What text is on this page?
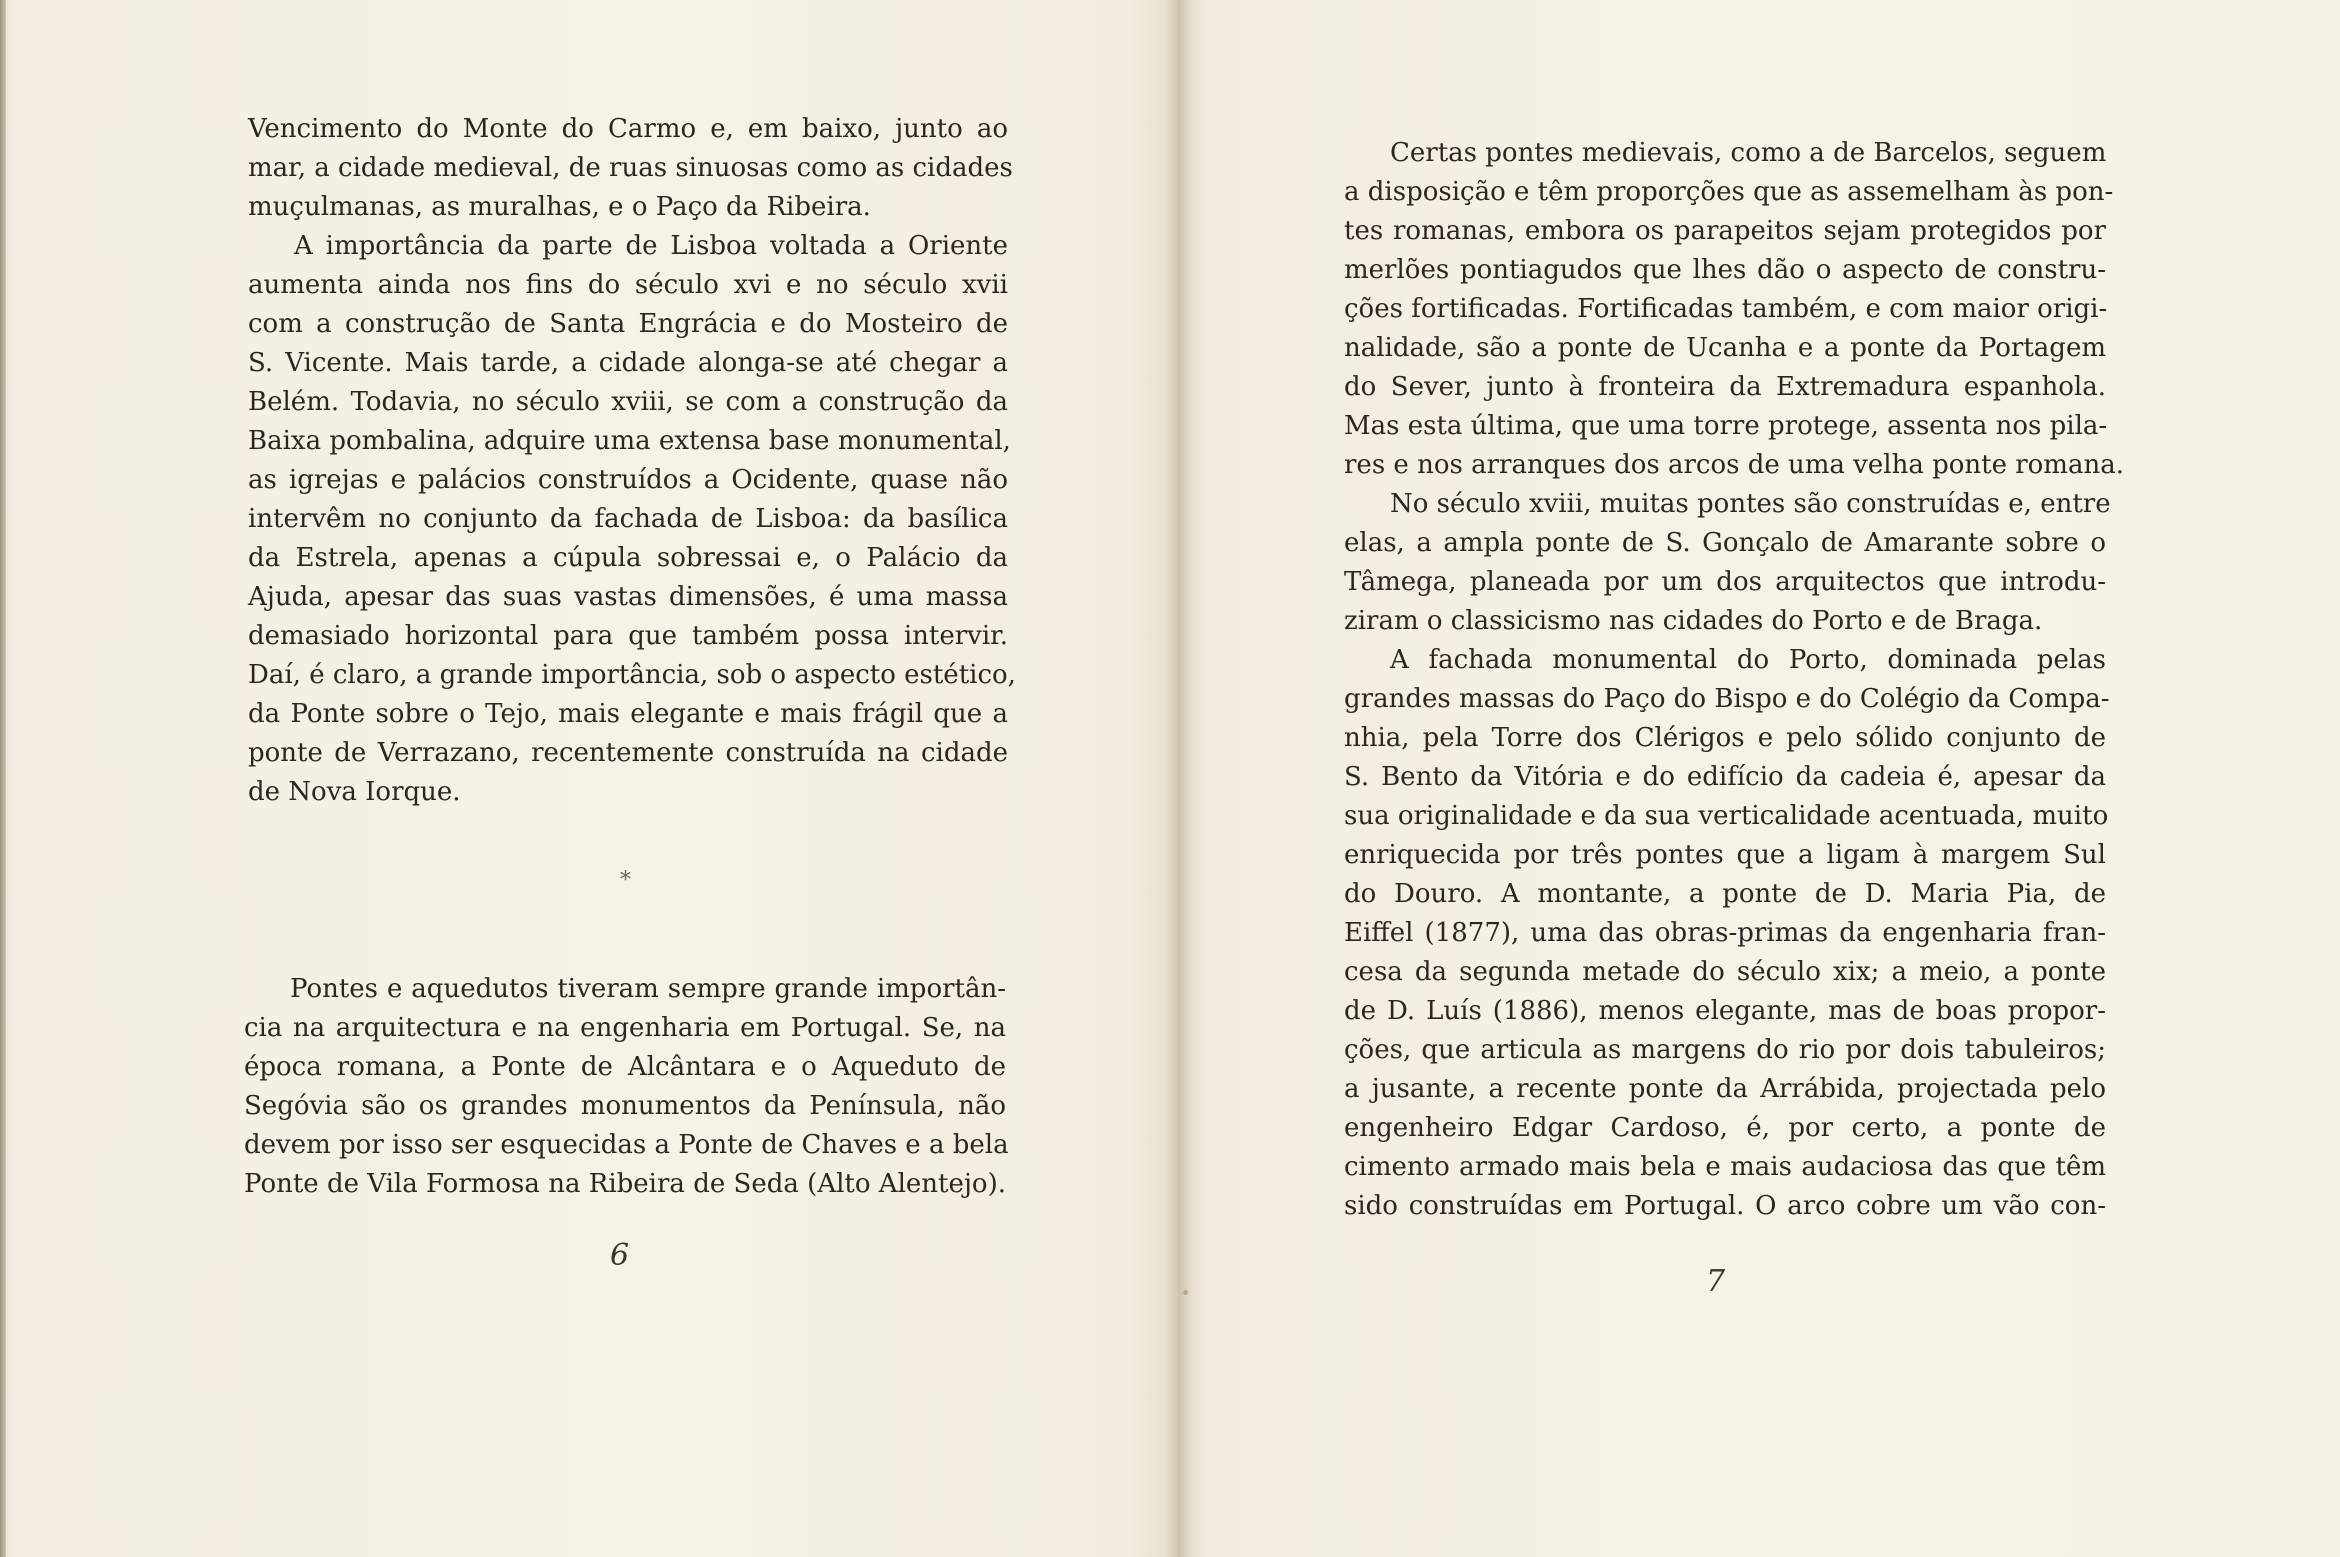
Vencimento do Monte do Carmo e, em baixo, junto ao
mar, a cidade medieval, de ruas sinuosas como as cidades
muçulmanas, as muralhas, e o Paço da Ribeira.
A importância da parte de Lisboa voltada a Oriente
aumenta ainda nos fins do século xvi e no século xvii
com a construção de Santa Engrácia e do Mosteiro de
S. Vicente. Mais tarde, a cidade alonga-se até chegar a
Belém. Todavia, no século xviii, se com a construção da
Baixa pombalina, adquire uma extensa base monumental,
as igrejas e palácios construídos a Ocidente, quase não
intervêm no conjunto da fachada de Lisboa: da basílica
da Estrela, apenas a cúpula sobressai e, o Palácio da
Ajuda, apesar das suas vastas dimensões, é uma massa
demasiado horizontal para que também possa intervir.
Daí, é claro, a grande importância, sob o aspecto estético,
da Ponte sobre o Tejo, mais elegante e mais frágil que a
ponte de Verrazano, recentemente construída na cidade
de Nova Iorque.
*
Pontes e aquedutos tiveram sempre grande importân-
cia na arquitectura e na engenharia em Portugal. Se, na
época romana, a Ponte de Alcântara e o Aqueduto de
Segóvia são os grandes monumentos da Península, não
devem por isso ser esquecidas a Ponte de Chaves e a bela
Ponte de Vila Formosa na Ribeira de Seda (Alto Alentejo).
6
Certas pontes medievais, como a de Barcelos, seguem
a disposição e têm proporções que as assemelham às pon-
tes romanas, embora os parapeitos sejam protegidos por
merlões pontiagudos que lhes dão o aspecto de constru-
ções fortificadas. Fortificadas também, e com maior origi-
nalidade, são a ponte de Ucanha e a ponte da Portagem
do Sever, junto à fronteira da Extremadura espanhola.
Mas esta última, que uma torre protege, assenta nos pila-
res e nos arranques dos arcos de uma velha ponte romana.
No século xviii, muitas pontes são construídas e, entre
elas, a ampla ponte de S. Gonçalo de Amarante sobre o
Tâmega, planeada por um dos arquitectos que introdu-
ziram o classicismo nas cidades do Porto e de Braga.
A fachada monumental do Porto, dominada pelas
grandes massas do Paço do Bispo e do Colégio da Compa-
nhia, pela Torre dos Clérigos e pelo sólido conjunto de
S. Bento da Vitória e do edifício da cadeia é, apesar da
sua originalidade e da sua verticalidade acentuada, muito
enriquecida por três pontes que a ligam à margem Sul
do Douro. A montante, a ponte de D. Maria Pia, de
Eiffel (1877), uma das obras-primas da engenharia fran-
cesa da segunda metade do século xix; a meio, a ponte
de D. Luís (1886), menos elegante, mas de boas propor-
ções, que articula as margens do rio por dois tabuleiros;
a jusante, a recente ponte da Arrábida, projectada pelo
engenheiro Edgar Cardoso, é, por certo, a ponte de
cimento armado mais bela e mais audaciosa das que têm
sido construídas em Portugal. O arco cobre um vão con-
7
